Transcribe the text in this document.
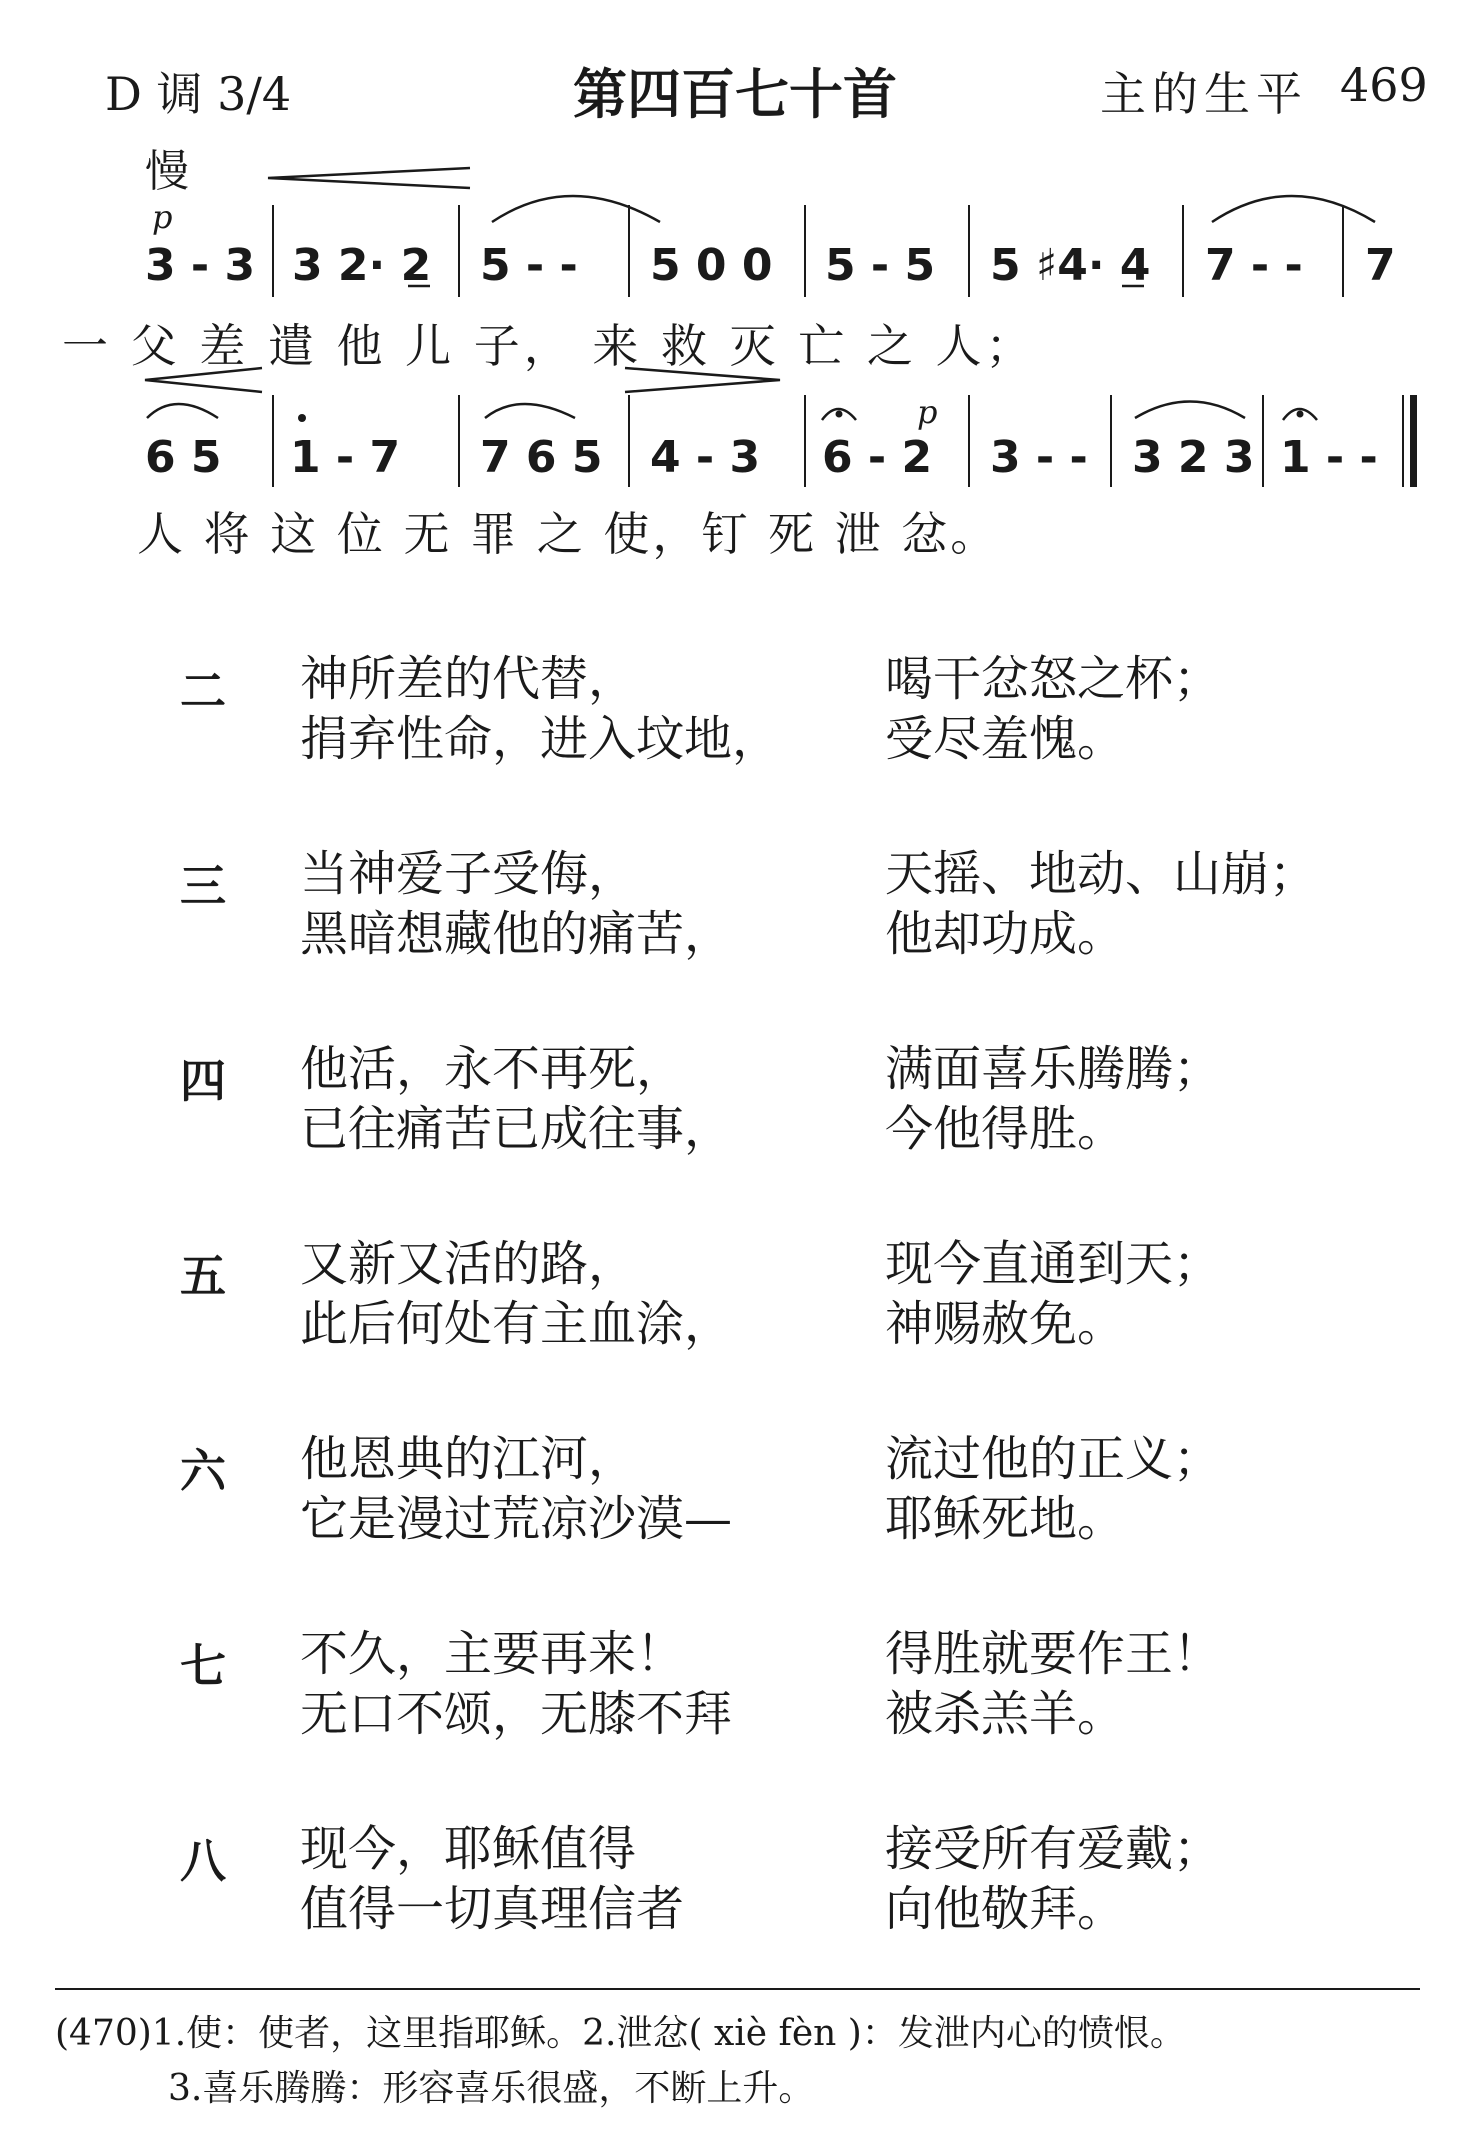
D 调 3/4	第四百七十首	主的生平 469
慢
p
3 - 3 3 2· 2 5 - - 5 0 0 5 - 5 5 ♯4· 4 7 - - 7
一 父 差 遣 他 儿 子， 来 救 灭 亡 之 人；
p
6 5 1 - 7 7 6 5 4 - 3 6 - 2 3 - - 3 2 3 1 - -
人 将 这 位 无 罪 之 使，钉 死 泄 忿。
二 神所差的代替，
捐弃性命，进入坟地，
喝干忿怒之杯；
受尽羞愧。
三 当神爱子受侮，
黑暗想藏他的痛苦，
天摇、地动、山崩；
他却功成。
四 他活，永不再死，
已往痛苦已成往事，
满面喜乐腾腾；
今他得胜。
五 又新又活的路，
此后何处有主血涂，
现今直通到天；
神赐赦免。
六 他恩典的江河，
它是漫过荒凉沙漠—
流过他的正义；
耶稣死地。
七 不久，主要再来！
无口不颂，无膝不拜
得胜就要作王！
被杀羔羊。
八 现今，耶稣值得
值得一切真理信者
接受所有爱戴；
向他敬拜。
(470)1.使：使者，这里指耶稣。2.泄忿( xiè fèn )：发泄内心的愤恨。
3.喜乐腾腾：形容喜乐很盛，不断上升。
